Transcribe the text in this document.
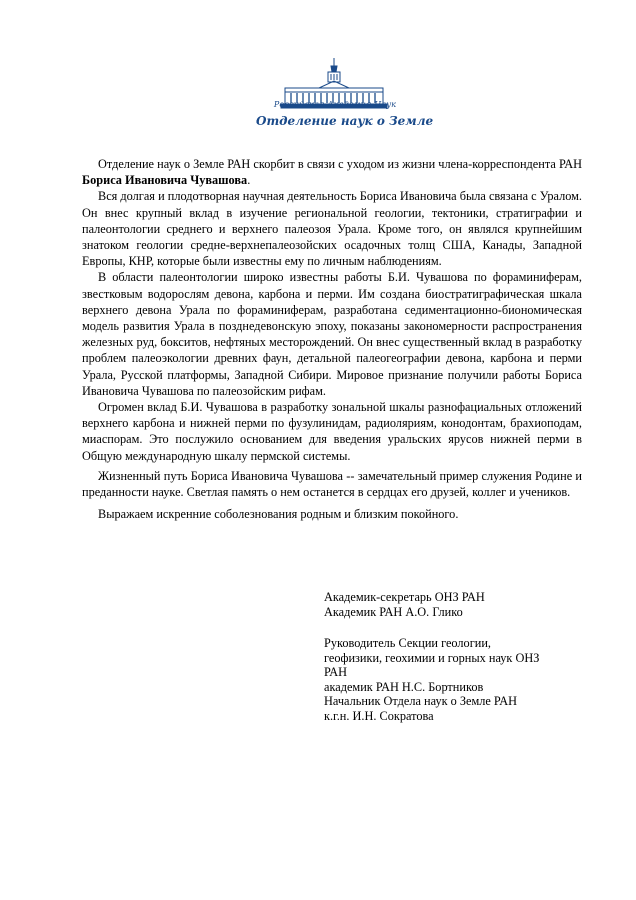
Российская Академия Наук
Отделение наук о Земле

Отделение наук о Земле РАН скорбит в связи с уходом из жизни члена-корреспондента РАН Бориса Ивановича Чувашова.

Вся долгая и плодотворная научная деятельность Бориса Ивановича была связана с Уралом. Он внес крупный вклад в изучение региональной геологии, тектоники, стратиграфии и палеонтологии среднего и верхнего палеозоя Урала. Кроме того, он являлся крупнейшим знатоком геологии средне-верхнепалеозойских осадочных толщ США, Канады, Западной Европы, КНР, которые были известны ему по личным наблюдениям.

В области палеонтологии широко известны работы Б.И. Чувашова по фораминиферам, звестковым водорослям девона, карбона и перми. Им создана биостратиграфическая шкала верхнего девона Урала по фораминиферам, разработана седиментационно-биономическая модель развития Урала в позднедевонскую эпоху, показаны закономерности распространения железных руд, бокситов, нефтяных месторождений. Он внес существенный вклад в разработку проблем палеоэкологии древних фаун, детальной палеогеографии девона, карбона и перми Урала, Русской платформы, Западной Сибири. Мировое признание получили работы Бориса Ивановича Чувашова по палеозойским рифам.

Огромен вклад Б.И. Чувашова в разработку зональной шкалы разнофациальных отложений верхнего карбона и нижней перми по фузулинидам, радиоляриям, конодонтам, брахиоподам, миаспорам. Это послужило основанием для введения уральских ярусов нижней перми в Общую международную шкалу пермской системы.

Жизненный путь Бориса Ивановича Чувашова -- замечательный пример служения Родине и преданности науке. Светлая память о нем останется в сердцах его друзей, коллег и учеников.

Выражаем искренние соболезнования родным и близким покойного.

Академик-секретарь ОНЗ РАН
Академик РАН А.О. Глико
Руководитель Секции геологии,
геофизики, геохимии и горных наук ОНЗ
РАН
академик РАН Н.С. Бортников
Начальник Отдела наук о Земле РАН
к.г.н. И.Н. Сократова
